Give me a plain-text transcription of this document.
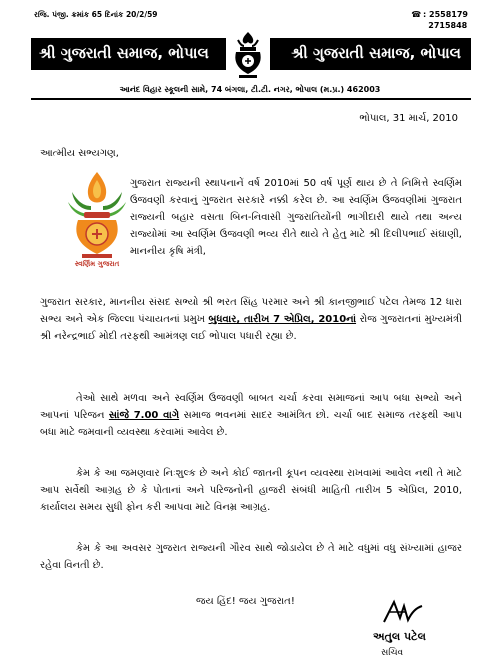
રજિ. પંજી. ક્રમાંક 65 દિનાંક 20/2/59	☎ : 2558179
2715848
શ્રી ગુજરાતી સમાજ, ભોપાલ	શ્રી ગુજરાતી સમાજ, ભોપાલ
આનંદ વિહાર સ્કૂલની સામે, 74 બંગલા, ટી.ટી. નગર, ભોપાલ (મ.પ્ર.) 462003
ભોપાલ, 31 માર્ચ, 2010
આત્મીય સભ્યગણ,
સ્વર્ણિમ ગુજરાત
ગુજરાત રાજ્યની સ્થાપનાનેં વર્ષ 2010માં 50 વર્ષ પૂર્ણ થાય છે તે નિમિત્તે સ્વર્ણિમ ઉજવણી કરવાનું ગુજરાત સરકારે નક્કી કરેલ છે. આ સ્વર્ણિમ ઉજવણીમાં ગુજરાત રાજ્યની બહાર વસતા બિન-નિવાસી ગુજરાતિયોંની ભાગીદારી થાયે તથા અન્ય રાજ્યોમાં આ સ્વર્ણિમ ઉજવણી ભવ્ય રીતે થાયે તે હેતુ માટે શ્રી દિલીપભાઈ સંઘાણી, માનનીય કૃષિ મંત્રી,
ગુજરાત સરકાર, માનનીય સંસદ સભ્યો શ્રી ભરત સિંહ પરમાર અને શ્રી કાનજીભાઈ પટેલ તેમજ 12 ધારા સભ્ય અને એક જિલ્લા પંચાયતનાં પ્રમુખ બુધવાર, તારીખ 7 એપ્રિલ, 2010નાં રોજ ગુજરાતનાં મુખ્યમંત્રી શ્રી નરેન્દ્રભાઈ મોદી તરફથી આમંત્રણ લઈ ભોપાલ પધારી રહ્યા છે.
તેઓ સાથે મળવા અને સ્વર્ણિમ ઉજવણી બાબત ચર્ચા કરવા સમાજનાં આપ બધા સભ્યો અને આપનાં પરિજન સાંજે 7.00 વાગે સમાજ ભવનમાં સાદર આમંત્રિત છો. ચર્ચા બાદ સમાજ તરફથી આપ બધા માટે જમવાની વ્યવસ્થા કરવામાં આવેલ છે.
કેમ કે આ જમણવાર નિઃશુલ્ક છે અને કોઈ જાતની કૂપન વ્યવસ્થા રાખવામાં આવેલ નથી તે માટે આપ સર્વેથી આગ્રહ છે કે પોતાનાં અને પરિજનોની હાજરી સંબંધી માહિતી તારીખ 5 એપ્રિલ, 2010, કાર્યાલય સમય સુધી ફોન કરી આપવા માટે વિનમ્ર આગ્રહ.
કેમ કે આ અવસર ગુજરાત રાજ્યની ગૌરવ સાથે જોડાયેલ છે તે માટે વધુમાં વધુ સંખ્યામાં હાજર રહેવા વિનતી છે.
જય હિંદ! જય ગુજરાત!
અતુલ પટેલ
સચિવ
